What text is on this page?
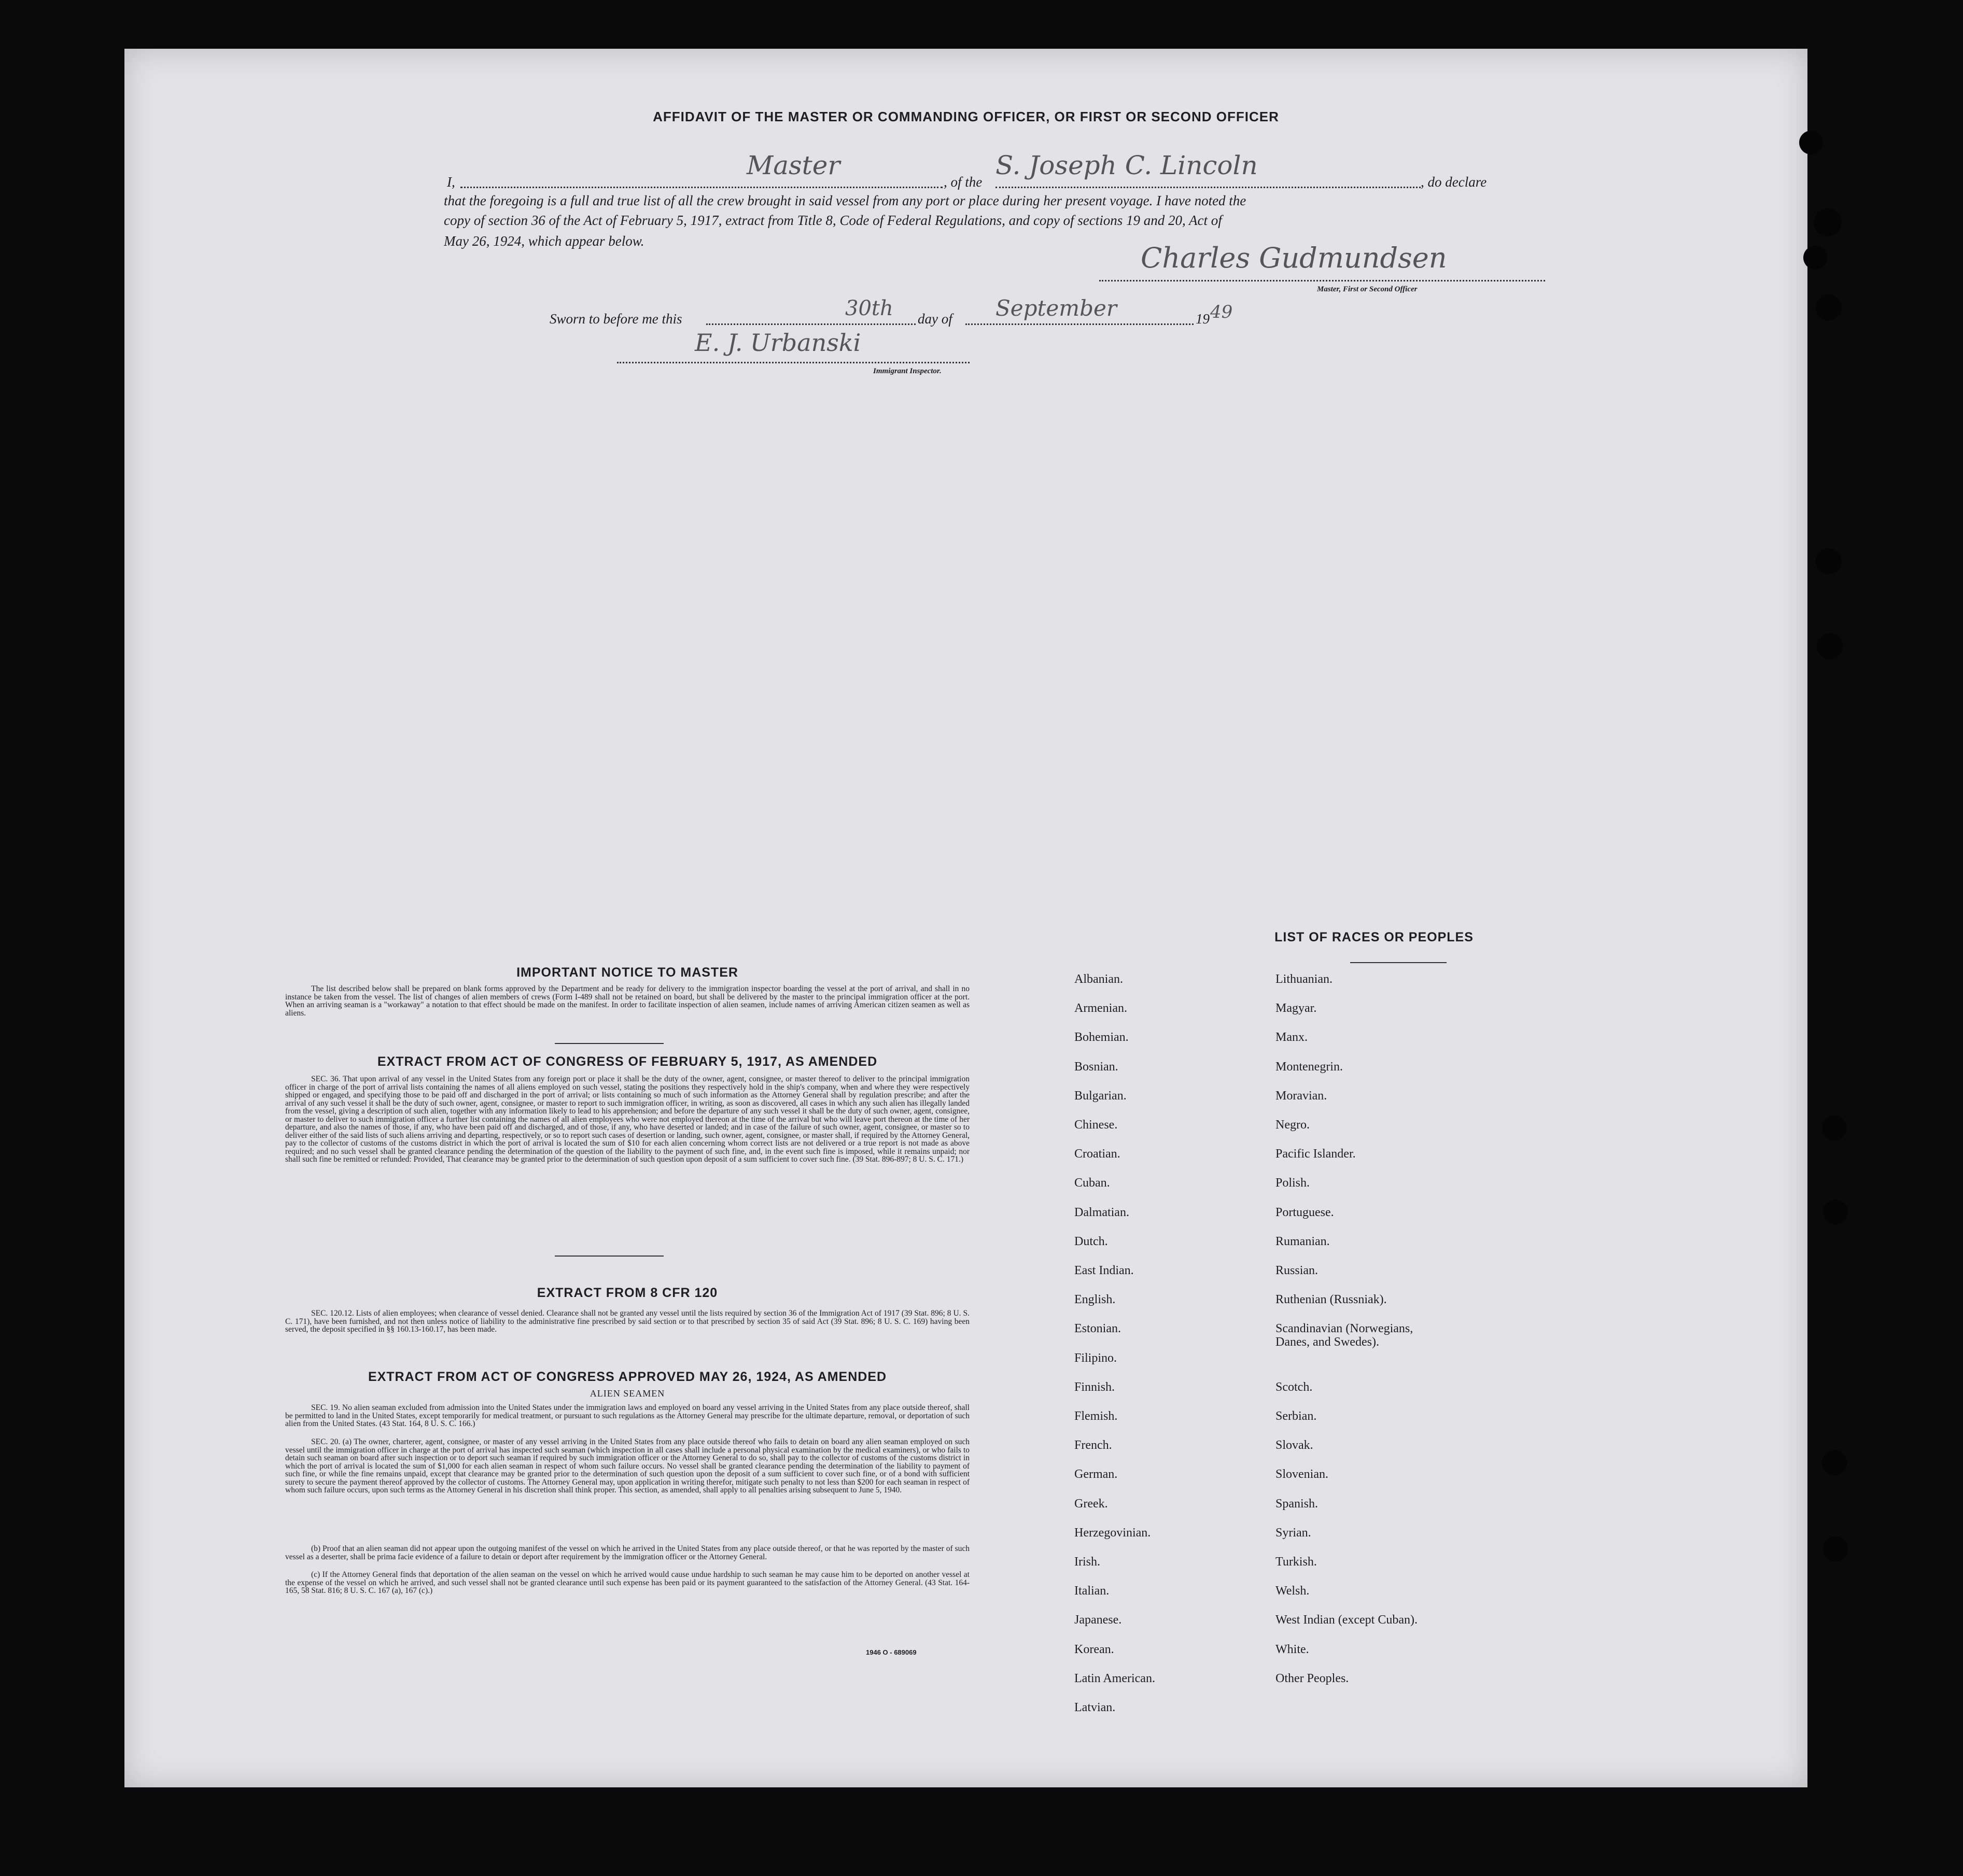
AFFIDAVIT OF THE MASTER OR COMMANDING OFFICER, OR FIRST OR SECOND OFFICER
I,
Master
, of the
S. Joseph C. Lincoln
, do declare
that the foregoing is a full and true list of all the crew brought in said vessel from any port or place during her present voyage. I have noted the
copy of section 36 of the Act of February 5, 1917, extract from Title 8, Code of Federal Regulations, and copy of sections 19 and 20, Act of
May 26, 1924, which appear below.
Charles Gudmundsen
Master, First or Second Officer
Sworn to before me this	30th day of September	19 49
E. J. Urbanski
Immigrant Inspector.
IMPORTANT NOTICE TO MASTER

The list described below shall be prepared on blank forms approved by the Department and be ready for delivery to the immigration inspector boarding the vessel at the port of arrival, and shall in no instance be taken from the vessel. The list of changes of alien members of crews (Form I-489 shall not be retained on board, but shall be delivered by the master to the principal immigration officer at the port. When an arriving seaman is a "workaway" a notation to that effect should be made on the manifest. In order to facilitate inspection of alien seamen, include names of arriving American citizen seamen as well as aliens.

EXTRACT FROM ACT OF CONGRESS OF FEBRUARY 5, 1917, AS AMENDED

SEC. 36. That upon arrival of any vessel in the United States from any foreign port or place it shall be the duty of the owner, agent, consignee, or master thereof to deliver to the principal immigration officer in charge of the port of arrival lists containing the names of all aliens employed on such vessel, stating the positions they respectively hold in the ship's company, when and where they were respectively shipped or engaged, and specifying those to be paid off and discharged in the port of arrival; or lists containing so much of such information as the Attorney General shall by regulation prescribe; and after the arrival of any such vessel it shall be the duty of such owner, agent, consignee, or master to report to such immigration officer, in writing, as soon as discovered, all cases in which any such alien has illegally landed from the vessel, giving a description of such alien, together with any information likely to lead to his apprehension; and before the departure of any such vessel it shall be the duty of such owner, agent, consignee, or master to deliver to such immigration officer a further list containing the names of all alien employees who were not employed thereon at the time of the arrival but who will leave port thereon at the time of her departure, and also the names of those, if any, who have been paid off and discharged, and of those, if any, who have deserted or landed; and in case of the failure of such owner, agent, consignee, or master so to deliver either of the said lists of such aliens arriving and departing, respectively, or so to report such cases of desertion or landing, such owner, agent, consignee, or master shall, if required by the Attorney General, pay to the collector of customs of the customs district in which the port of arrival is located the sum of $10 for each alien concerning whom correct lists are not delivered or a true report is not made as above required; and no such vessel shall be granted clearance pending the determination of the question of the liability to the payment of such fine, and, in the event such fine is imposed, while it remains unpaid; nor shall such fine be remitted or refunded: Provided, That clearance may be granted prior to the determination of such question upon deposit of a sum sufficient to cover such fine. (39 Stat. 896-897; 8 U. S. C. 171.)

EXTRACT FROM 8 CFR 120

SEC. 120.12. Lists of alien employees; when clearance of vessel denied. Clearance shall not be granted any vessel until the lists required by section 36 of the Immigration Act of 1917 (39 Stat. 896; 8 U. S. C. 171), have been furnished, and not then unless notice of liability to the administrative fine prescribed by said section or to that prescribed by section 35 of said Act (39 Stat. 896; 8 U. S. C. 169) having been served, the deposit specified in §§ 160.13-160.17, has been made.

EXTRACT FROM ACT OF CONGRESS APPROVED MAY 26, 1924, AS AMENDED
ALIEN SEAMEN

SEC. 19. No alien seaman excluded from admission into the United States under the immigration laws and employed on board any vessel arriving in the United States from any place outside thereof, shall be permitted to land in the United States, except temporarily for medical treatment, or pursuant to such regulations as the Attorney General may prescribe for the ultimate departure, removal, or deportation of such alien from the United States. (43 Stat. 164, 8 U. S. C. 166.)

SEC. 20. (a) The owner, charterer, agent, consignee, or master of any vessel arriving in the United States from any place outside thereof who fails to detain on board any alien seaman employed on such vessel until the immigration officer in charge at the port of arrival has inspected such seaman (which inspection in all cases shall include a personal physical examination by the medical examiners), or who fails to detain such seaman on board after such inspection or to deport such seaman if required by such immigration officer or the Attorney General to do so, shall pay to the collector of customs of the customs district in which the port of arrival is located the sum of $1,000 for each alien seaman in respect of whom such failure occurs. No vessel shall be granted clearance pending the determination of the liability to payment of such fine, or while the fine remains unpaid, except that clearance may be granted prior to the determination of such question upon the deposit of a sum sufficient to cover such fine, or of a bond with sufficient surety to secure the payment thereof approved by the collector of customs. The Attorney General may, upon application in writing therefor, mitigate such penalty to not less than $200 for each seaman in respect of whom such failure occurs, upon such terms as the Attorney General in his discretion shall think proper. This section, as amended, shall apply to all penalties arising subsequent to June 5, 1940.

(b) Proof that an alien seaman did not appear upon the outgoing manifest of the vessel on which he arrived in the United States from any place outside thereof, or that he was reported by the master of such vessel as a deserter, shall be prima facie evidence of a failure to detain or deport after requirement by the immigration officer or the Attorney General.

(c) If the Attorney General finds that deportation of the alien seaman on the vessel on which he arrived would cause undue hardship to such seaman he may cause him to be deported on another vessel at the expense of the vessel on which he arrived, and such vessel shall not be granted clearance until such expense has been paid or its payment guaranteed to the satisfaction of the Attorney General. (43 Stat. 164-165, 58 Stat. 816; 8 U. S. C. 167 (a), 167 (c).)

1946 O - 689069
LIST OF RACES OR PEOPLES
Albanian.
Armenian.
Bohemian.
Bosnian.
Bulgarian.
Chinese.
Croatian.
Cuban.
Dalmatian.
Dutch.
East Indian.
English.
Estonian.
Filipino.
Finnish.
Flemish.
French.
German.
Greek.
Herzegovinian.
Irish.
Italian.
Japanese.
Korean.
Latin American.
Latvian.
Lithuanian.
Magyar.
Manx.
Montenegrin.
Moravian.
Negro.
Pacific Islander.
Polish.
Portuguese.
Rumanian.
Russian.
Ruthenian (Russniak).
Scandinavian (Norwegians,
Danes, and Swedes).
Scotch.
Serbian.
Slovak.
Slovenian.
Spanish.
Syrian.
Turkish.
Welsh.
West Indian (except Cuban).
White.
Other Peoples.
